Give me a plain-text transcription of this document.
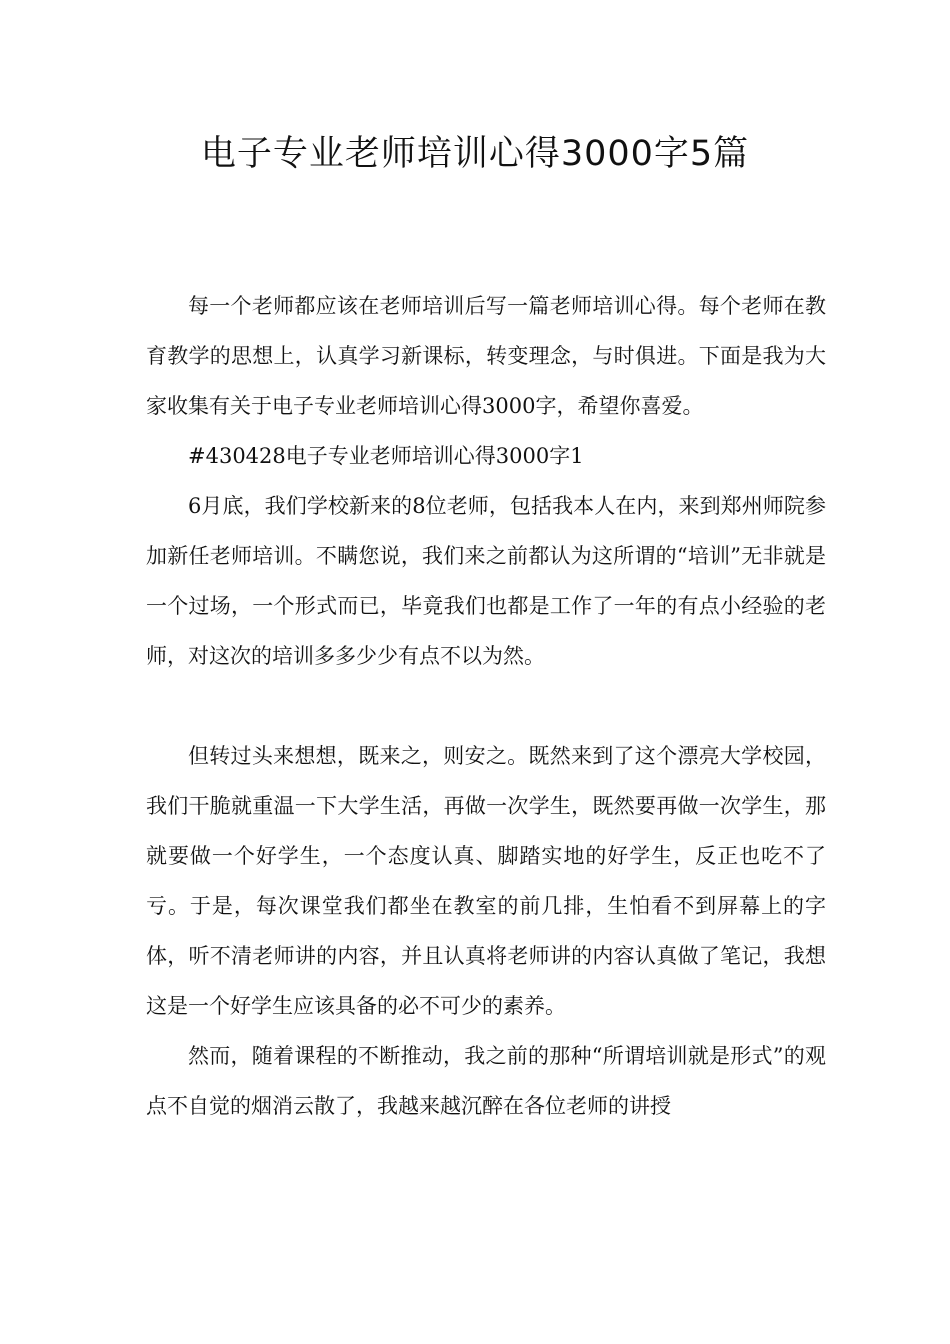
电子专业老师培训心得3000字5篇

每一个老师都应该在老师培训后写一篇老师培训心得。每个老师在教育教学的思想上，认真学习新课标，转变理念，与时俱进。下面是我为大家收集有关于电子专业老师培训心得3000字，希望你喜爱。

#430428电子专业老师培训心得3000字1

6月底，我们学校新来的8位老师，包括我本人在内，来到郑州师院参加新任老师培训。不瞒您说，我们来之前都认为这所谓的“培训”无非就是一个过场，一个形式而已，毕竟我们也都是工作了一年的有点小经验的老师，对这次的培训多多少少有点不以为然。

但转过头来想想，既来之，则安之。既然来到了这个漂亮大学校园，我们干脆就重温一下大学生活，再做一次学生，既然要再做一次学生，那就要做一个好学生，一个态度认真、脚踏实地的好学生，反正也吃不了亏。于是，每次课堂我们都坐在教室的前几排，生怕看不到屏幕上的字体，听不清老师讲的内容，并且认真将老师讲的内容认真做了笔记，我想这是一个好学生应该具备的必不可少的素养。

然而，随着课程的不断推动，我之前的那种“所谓培训就是形式”的观点不自觉的烟消云散了，我越来越沉醉在各位老师的讲授
